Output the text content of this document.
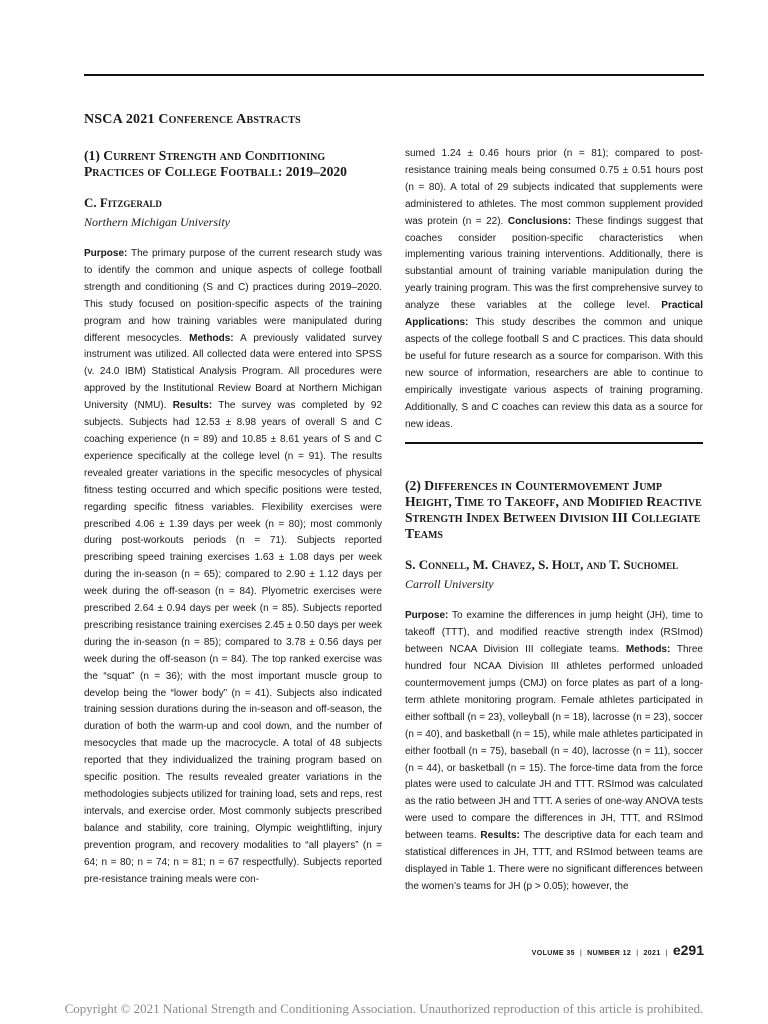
NSCA 2021 Conference Abstracts
(1) Current Strength and Conditioning Practices of College Football: 2019–2020
C. Fitzgerald
Northern Michigan University

Purpose: The primary purpose of the current research study was to identify the common and unique aspects of college football strength and conditioning (S and C) practices during 2019–2020. This study focused on position-specific aspects of the training program and how training variables were manipulated during different mesocycles. Methods: A previously validated survey instrument was utilized. All collected data were entered into SPSS (v. 24.0 IBM) Statistical Analysis Program. All procedures were approved by the Institutional Review Board at Northern Michigan University (NMU). Results: The survey was completed by 92 subjects. Subjects had 12.53 ± 8.98 years of overall S and C coaching experience (n = 89) and 10.85 ± 8.61 years of S and C experience specifically at the college level (n = 91). The results revealed greater variations in the specific mesocycles of physical fitness testing occurred and which specific positions were tested, regarding specific fitness variables. Flexibility exercises were prescribed 4.06 ± 1.39 days per week (n = 80); most commonly during post-workouts periods (n = 71). Subjects reported prescribing speed training exercises 1.63 ± 1.08 days per week during the in-season (n = 65); compared to 2.90 ± 1.12 days per week during the off-season (n = 84). Plyometric exercises were prescribed 2.64 ± 0.94 days per week (n = 85). Subjects reported prescribing resistance training exercises 2.45 ± 0.50 days per week during the in-season (n = 85); compared to 3.78 ± 0.56 days per week during the off-season (n = 84). The top ranked exercise was the “squat” (n = 36); with the most important muscle group to develop being the “lower body” (n = 41). Subjects also indicated training session durations during the in-season and off-season, the duration of both the warm-up and cool down, and the number of mesocycles that made up the macrocycle. A total of 48 subjects reported that they individualized the training program based on specific position. The results revealed greater variations in the methodologies subjects utilized for training load, sets and reps, rest intervals, and exercise order. Most commonly subjects prescribed balance and stability, core training, Olympic weightlifting, injury prevention program, and recovery modalities to “all players” (n = 64; n = 80; n = 74; n = 81; n = 67 respectfully). Subjects reported pre-resistance training meals were con-

sumed 1.24 ± 0.46 hours prior (n = 81); compared to post-resistance training meals being consumed 0.75 ± 0.51 hours post (n = 80). A total of 29 subjects indicated that supplements were administered to athletes. The most common supplement provided was protein (n = 22). Conclusions: These findings suggest that coaches consider position-specific characteristics when implementing various training interventions. Additionally, there is substantial amount of training variable manipulation during the yearly training program. This was the first comprehensive survey to analyze these variables at the college level. Practical Applications: This study describes the common and unique aspects of the college football S and C practices. This data should be useful for future research as a source for comparison. With this new source of information, researchers are able to continue to empirically investigate various aspects of training programing. Additionally, S and C coaches can review this data as a source for new ideas.

(2) Differences in Countermovement Jump Height, Time to Takeoff, and Modified Reactive Strength Index Between Division III Collegiate Teams
S. Connell, M. Chavez, S. Holt, and T. Suchomel
Carroll University

Purpose: To examine the differences in jump height (JH), time to takeoff (TTT), and modified reactive strength index (RSImod) between NCAA Division III collegiate teams. Methods: Three hundred four NCAA Division III athletes performed unloaded countermovement jumps (CMJ) on force plates as part of a long-term athlete monitoring program. Female athletes participated in either softball (n = 23), volleyball (n = 18), lacrosse (n = 23), soccer (n = 40), and basketball (n = 15), while male athletes participated in either football (n = 75), baseball (n = 40), lacrosse (n = 11), soccer (n = 44), or basketball (n = 15). The force-time data from the force plates were used to calculate JH and TTT. RSImod was calculated as the ratio between JH and TTT. A series of one-way ANOVA tests were used to compare the differences in JH, TTT, and RSImod between teams. Results: The descriptive data for each team and statistical differences in JH, TTT, and RSImod between teams are displayed in Table 1. There were no significant differences between the women’s teams for JH (p > 0.05); however, the

VOLUME 35 | NUMBER 12 | 2021 | e291
Copyright © 2021 National Strength and Conditioning Association. Unauthorized reproduction of this article is prohibited.
